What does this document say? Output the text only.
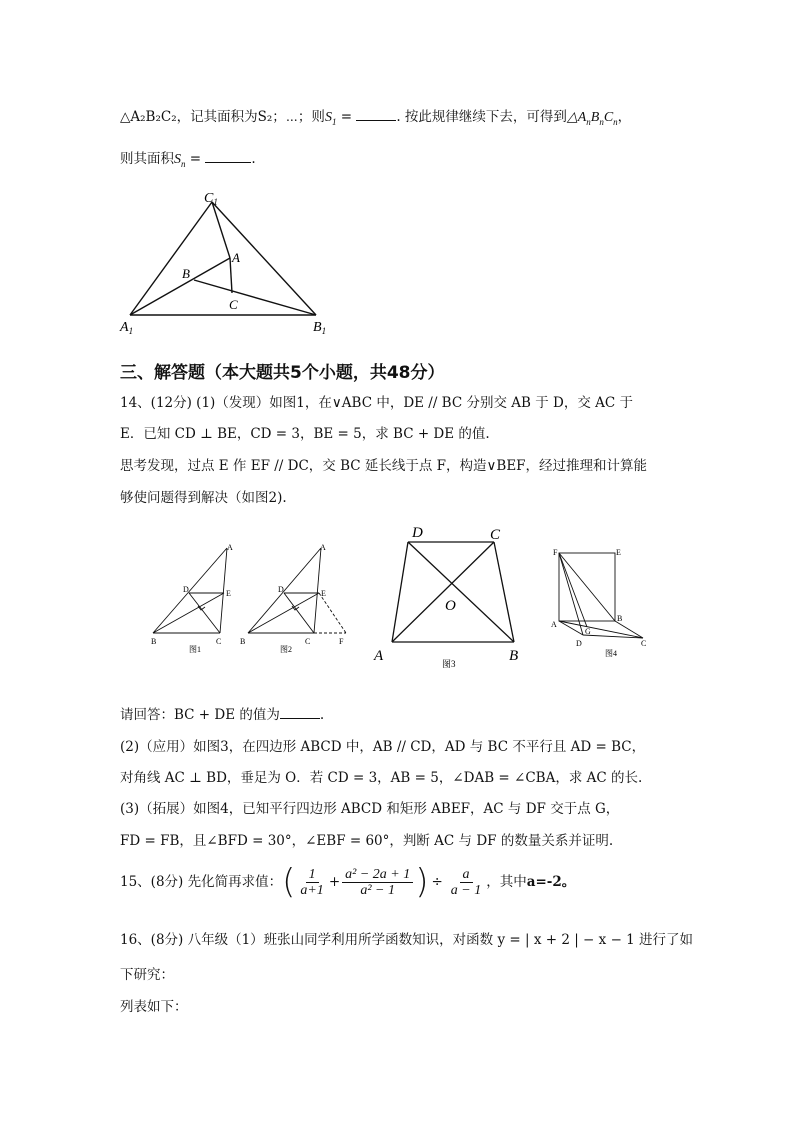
△A₂B₂C₂，记其面积为S₂；⋯；则$S_1$ =	. 按此规律继续下去，可得到$\triangle A_nB_nC_n$，
则其面积$S_n$ =	.
$C_1$
$A_1$	$B_1$
A
B
C
三、解答题（本大题共5个小题，共48分）
14、(12分) (1)（发现）如图1，在∨ABC 中，DE // BC 分别交 AB 于 D，交 AC 于
E．已知 CD ⊥ BE，CD = 3，BE = 5，求 BC + DE 的值.
思考发现，过点 E 作 EF // DC，交 BC 延长线于点 F，构造∨BEF，经过推理和计算能
够使问题得到解决（如图2).
A
D	E
B	C
图1
A
D	E
B	C	F
图2
D	C
O
A	B
图3
F	E
B
A
G
D	C
图4
请回答：BC + DE 的值为	.
(2)（应用）如图3，在四边形 ABCD 中，AB // CD，AD 与 BC 不平行且 AD = BC，
对角线 AC ⊥ BD，垂足为 O．若 CD = 3，AB = 5，∠DAB = ∠CBA，求 AC 的长.
(3)（拓展）如图4，已知平行四边形 ABCD 和矩形 ABEF，AC 与 DF 交于点 G，
FD = FB，且∠BFD = 30°，∠EBF = 60°，判断 AC 与 DF 的数量关系并证明.
15、(8分) 先化简再求值： ( $\frac{1}{a+1} + \frac{\text{a² − 2a + 1}}{\text{a² − 1}}$ ) ÷ $\frac{a}{a - 1}$ ，其中 a=-2。
16、(8分) 八年级（1）班张山同学利用所学函数知识，对函数 y = | x + 2 | − x − 1 进行了如
下研究：
列表如下：
